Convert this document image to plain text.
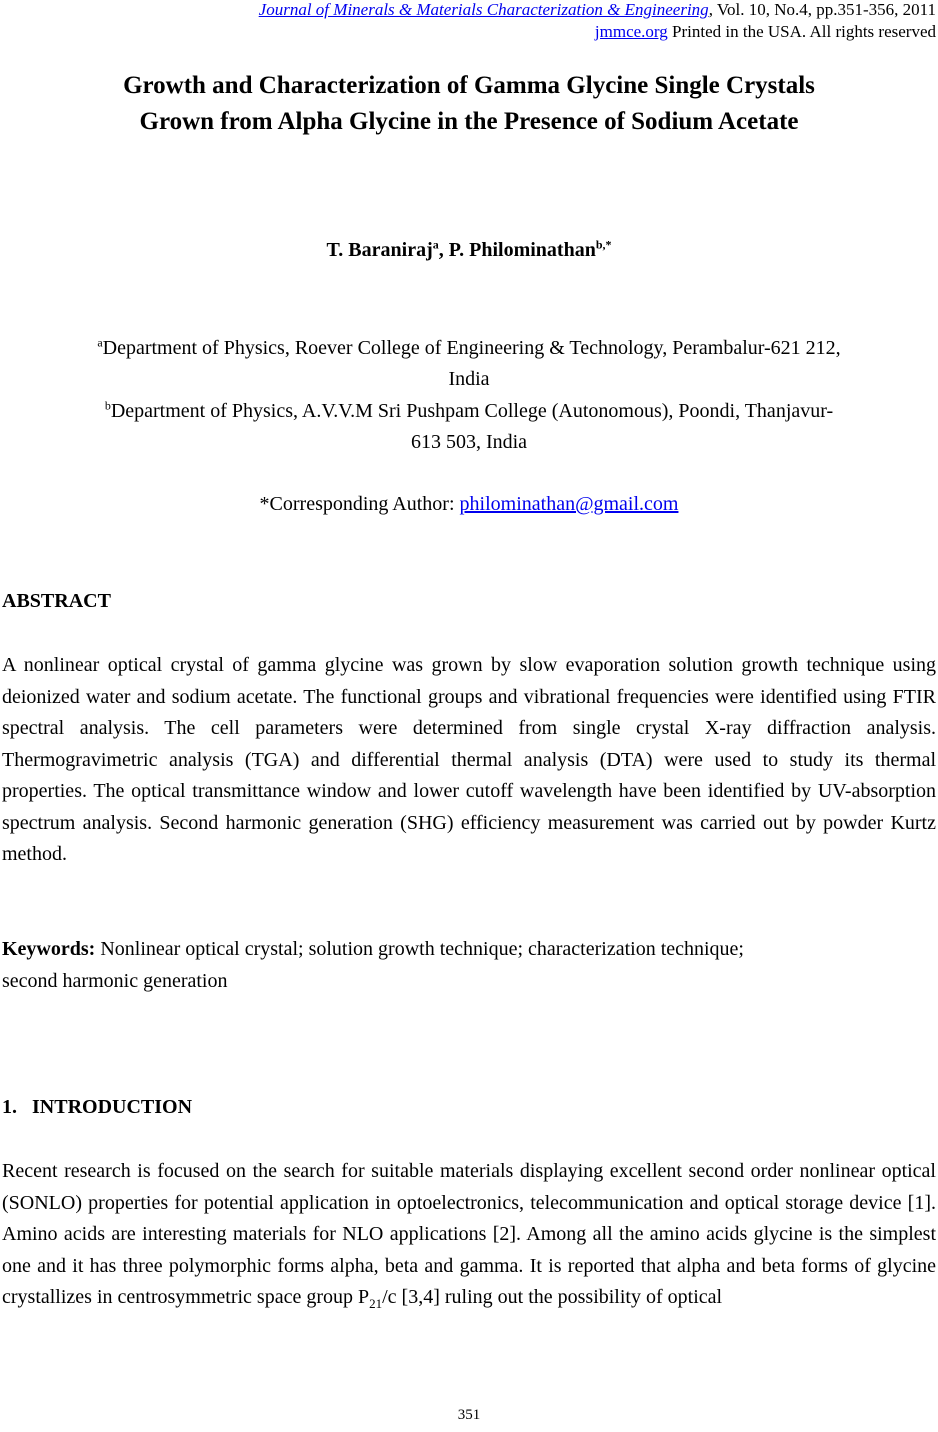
Journal of Minerals & Materials Characterization & Engineering, Vol. 10, No.4, pp.351-356, 2011
jmmce.org Printed in the USA. All rights reserved
Growth and Characterization of Gamma Glycine Single Crystals
Grown from Alpha Glycine in the Presence of Sodium Acetate
T. Baraniraj$^a$, P. Philominathan$^{b,*}$
$^a$Department of Physics, Roever College of Engineering & Technology, Perambalur-621 212,
India
$^b$Department of Physics, A.V.V.M Sri Pushpam College (Autonomous), Poondi, Thanjavur-
613 503, India
*Corresponding Author: philominathan@gmail.com
ABSTRACT
A nonlinear optical crystal of gamma glycine was grown by slow evaporation solution growth technique using deionized water and sodium acetate. The functional groups and vibrational frequencies were identified using FTIR spectral analysis. The cell parameters were determined from single crystal X-ray diffraction analysis. Thermogravimetric analysis (TGA) and differential thermal analysis (DTA) were used to study its thermal properties. The optical transmittance window and lower cutoff wavelength have been identified by UV-absorption spectrum analysis. Second harmonic generation (SHG) efficiency measurement was carried out by powder Kurtz method.
Keywords: Nonlinear optical crystal; solution growth technique; characterization technique;
second harmonic generation
1.   INTRODUCTION
Recent research is focused on the search for suitable materials displaying excellent second order nonlinear optical (SONLO) properties for potential application in optoelectronics, telecommunication and optical storage device [1]. Amino acids are interesting materials for NLO applications [2]. Among all the amino acids glycine is the simplest one and it has three polymorphic forms alpha, beta and gamma. It is reported that alpha and beta forms of glycine crystallizes in centrosymmetric space group $P_{21}/c$ [3,4] ruling out the possibility of optical
351
